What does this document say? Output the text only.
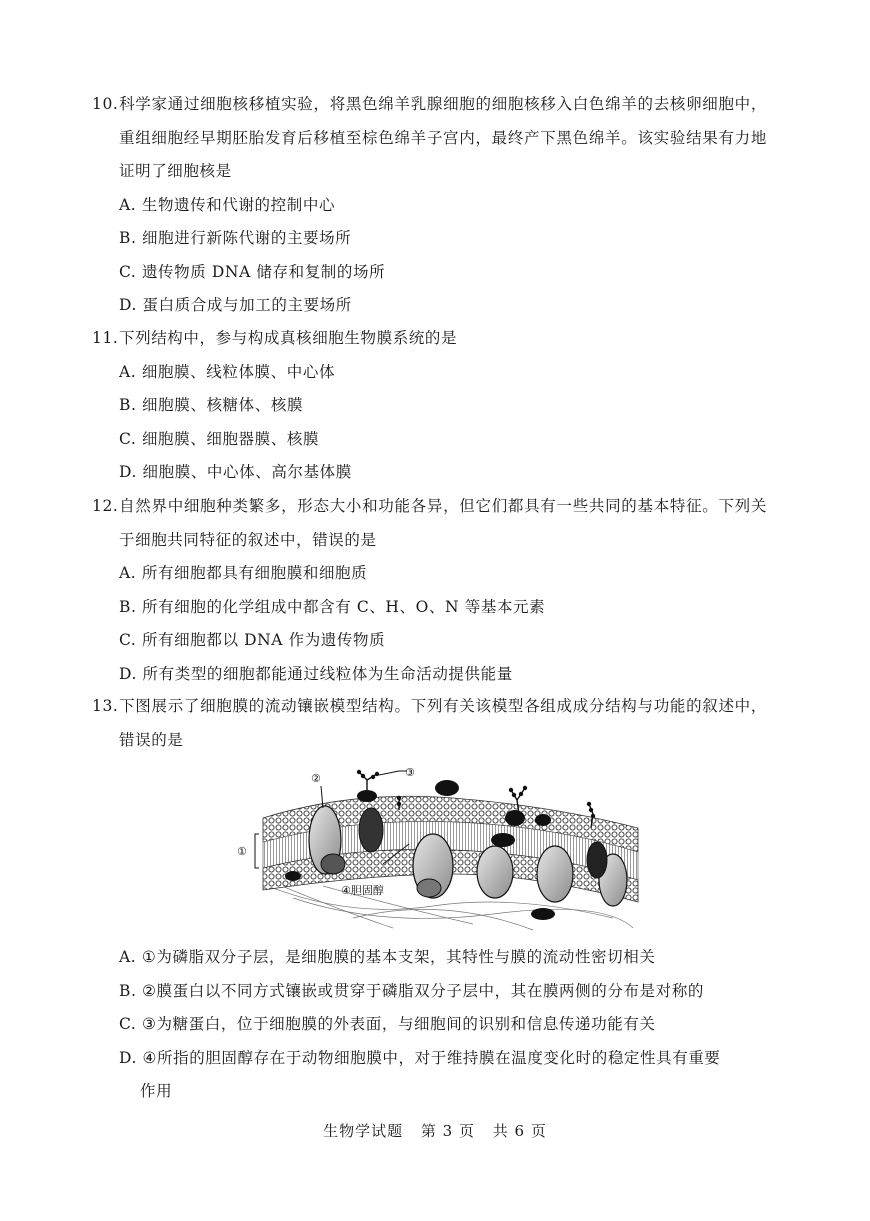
10.科学家通过细胞核移植实验，将黑色绵羊乳腺细胞的细胞核移入白色绵羊的去核卵细胞中，重组细胞经早期胚胎发育后移植至棕色绵羊子宫内，最终产下黑色绵羊。该实验结果有力地证明了细胞核是

A. 生物遗传和代谢的控制中心

B. 细胞进行新陈代谢的主要场所

C. 遗传物质 DNA 储存和复制的场所

D. 蛋白质合成与加工的主要场所

11.下列结构中，参与构成真核细胞生物膜系统的是

A. 细胞膜、线粒体膜、中心体

B. 细胞膜、核糖体、核膜

C. 细胞膜、细胞器膜、核膜

D. 细胞膜、中心体、高尔基体膜

12.自然界中细胞种类繁多，形态大小和功能各异，但它们都具有一些共同的基本特征。下列关于细胞共同特征的叙述中，错误的是

A. 所有细胞都具有细胞膜和细胞质

B. 所有细胞的化学组成中都含有 C、H、O、N 等基本元素

C. 所有细胞都以 DNA 作为遗传物质

D. 所有类型的细胞都能通过线粒体为生命活动提供能量

13.下图展示了细胞膜的流动镶嵌模型结构。下列有关该模型各组成成分结构与功能的叙述中，错误的是

①
②	③
④胆固醇

A. ①为磷脂双分子层，是细胞膜的基本支架，其特性与膜的流动性密切相关

B. ②膜蛋白以不同方式镶嵌或贯穿于磷脂双分子层中，其在膜两侧的分布是对称的

C. ③为糖蛋白，位于细胞膜的外表面，与细胞间的识别和信息传递功能有关

D. ④所指的胆固醇存在于动物细胞膜中，对于维持膜在温度变化时的稳定性具有重要

作用

生物学试题 第 3 页 共 6 页
